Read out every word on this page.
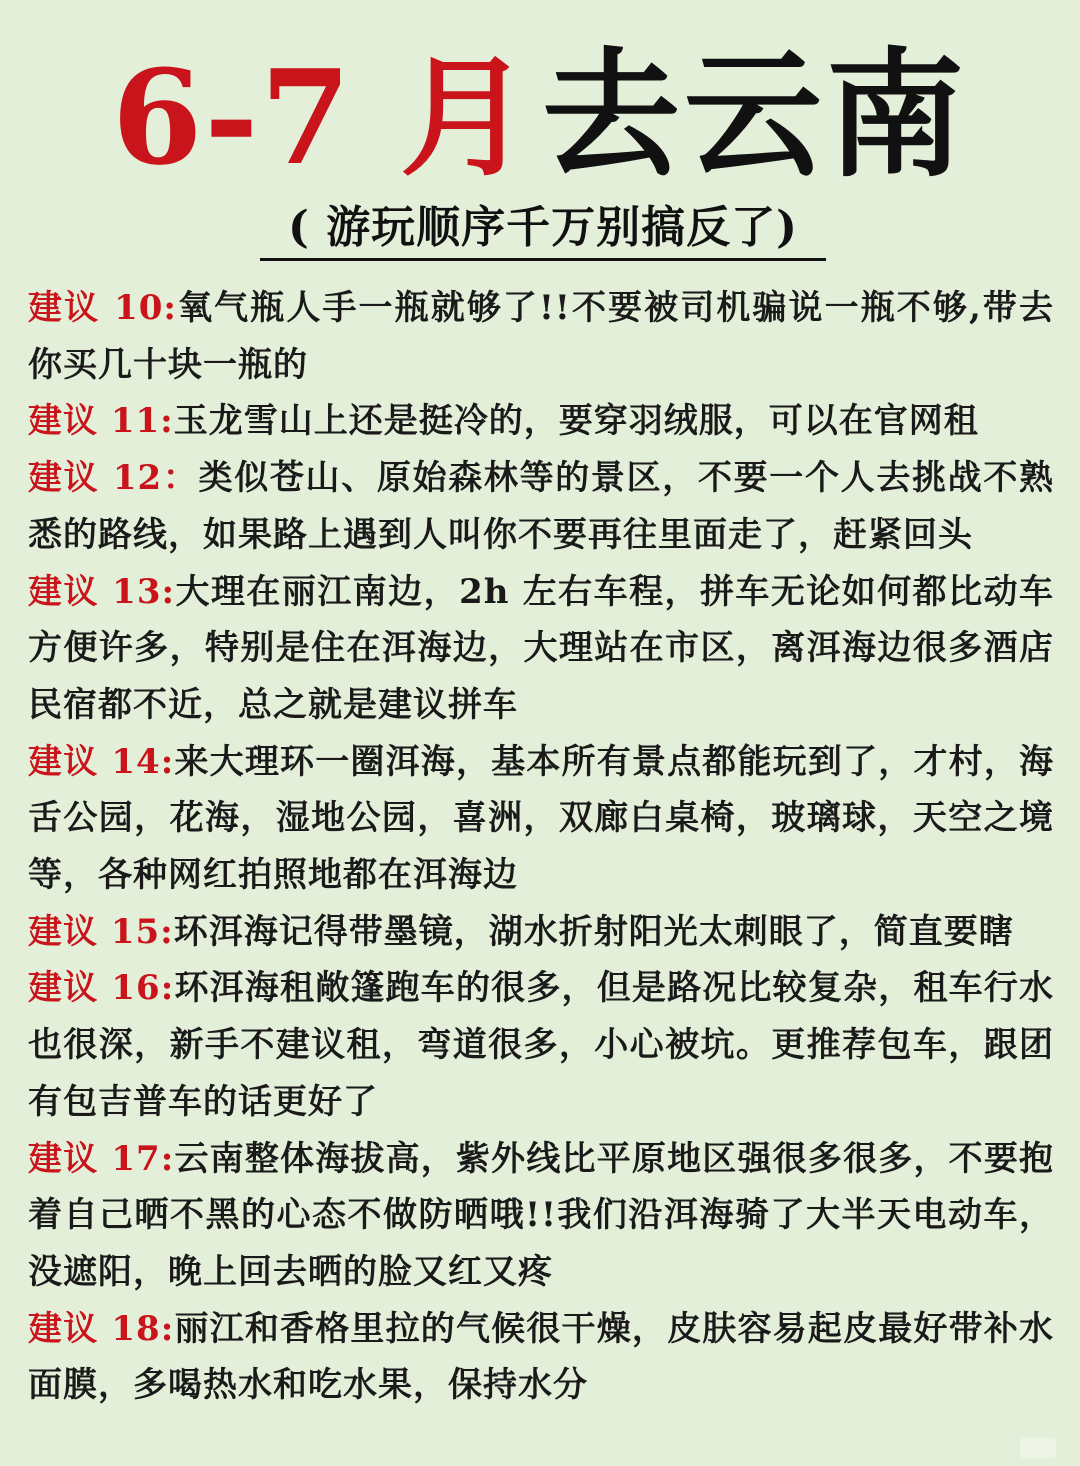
6-7 月去云南
( 游玩顺序千万别搞反了)

建议 10:氧气瓶人手一瓶就够了!!不要被司机骗说一瓶不够,带去你买几十块一瓶的

建议 11:玉龙雪山上还是挺冷的，要穿羽绒服，可以在官网租

建议 12：类似苍山、原始森林等的景区，不要一个人去挑战不熟悉的路线，如果路上遇到人叫你不要再往里面走了，赶紧回头

建议 13:大理在丽江南边，2h 左右车程，拼车无论如何都比动车方便许多，特别是住在洱海边，大理站在市区，离洱海边很多酒店民宿都不近，总之就是建议拼车

建议 14:来大理环一圈洱海，基本所有景点都能玩到了，才村，海舌公园，花海，湿地公园，喜洲，双廊白桌椅，玻璃球，天空之境等，各种网红拍照地都在洱海边

建议 15:环洱海记得带墨镜，湖水折射阳光太刺眼了，简直要瞎

建议 16:环洱海租敞篷跑车的很多，但是路况比较复杂，租车行水也很深，新手不建议租，弯道很多，小心被坑。更推荐包车，跟团有包吉普车的话更好了

建议 17:云南整体海拔高，紫外线比平原地区强很多很多，不要抱着自己晒不黑的心态不做防晒哦!!我们沿洱海骑了大半天电动车，没遮阳，晚上回去晒的脸又红又疼

建议 18:丽江和香格里拉的气候很干燥，皮肤容易起皮最好带补水面膜，多喝热水和吃水果，保持水分
